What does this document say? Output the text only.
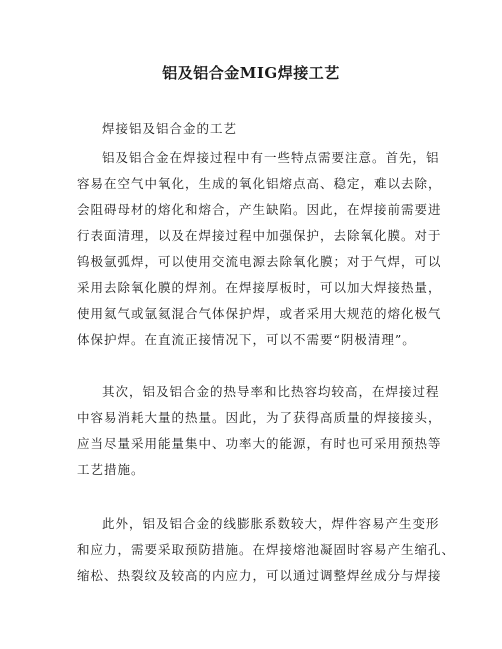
铝及铝合金MIG焊接工艺

焊接铝及铝合金的工艺

铝及铝合金在焊接过程中有一些特点需要注意。首先，铝

容易在空气中氧化，生成的氧化铝熔点高、稳定，难以去除，

会阻碍母材的熔化和熔合，产生缺陷。因此，在焊接前需要进

行表面清理，以及在焊接过程中加强保护，去除氧化膜。对于

钨极氩弧焊，可以使用交流电源去除氧化膜；对于气焊，可以

采用去除氧化膜的焊剂。在焊接厚板时，可以加大焊接热量，

使用氦气或氩氦混合气体保护焊，或者采用大规范的熔化极气

体保护焊。在直流正接情况下，可以不需要“阴极清理”。

其次，铝及铝合金的热导率和比热容均较高，在焊接过程

中容易消耗大量的热量。因此，为了获得高质量的焊接接头，

应当尽量采用能量集中、功率大的能源，有时也可采用预热等

工艺措施。

此外，铝及铝合金的线膨胀系数较大，焊件容易产生变形

和应力，需要采取预防措施。在焊接熔池凝固时容易产生缩孔、

缩松、热裂纹及较高的内应力，可以通过调整焊丝成分与焊接
